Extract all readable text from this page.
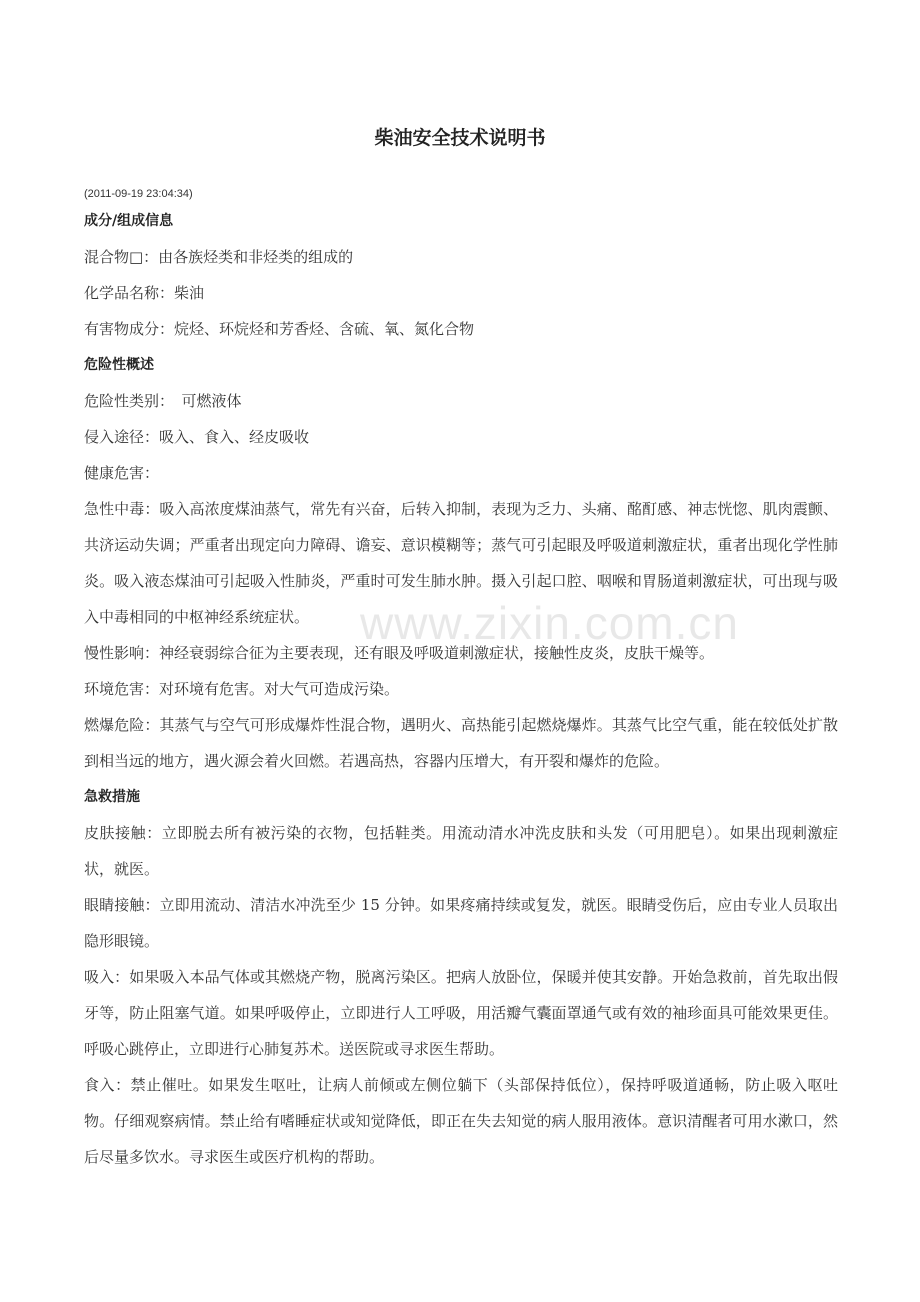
柴油安全技术说明书
(2011-09-19 23:04:34)
www.zixin.com.cn
成分/组成信息

混合物□：由各族烃类和非烃类的组成的

化学品名称：柴油

有害物成分：烷烃、环烷烃和芳香烃、含硫、氧、氮化合物

危险性概述

危险性类别：　可燃液体

侵入途径：吸入、食入、经皮吸收

健康危害：

急性中毒：吸入高浓度煤油蒸气，常先有兴奋，后转入抑制，表现为乏力、头痛、酩酊感、神志恍惚、肌肉震颤、共济运动失调；严重者出现定向力障碍、谵妄、意识模糊等；蒸气可引起眼及呼吸道刺激症状，重者出现化学性肺炎。吸入液态煤油可引起吸入性肺炎，严重时可发生肺水肿。摄入引起口腔、咽喉和胃肠道刺激症状，可出现与吸入中毒相同的中枢神经系统症状。

慢性影响：神经衰弱综合征为主要表现，还有眼及呼吸道刺激症状，接触性皮炎，皮肤干燥等。

环境危害：对环境有危害。对大气可造成污染。

燃爆危险：其蒸气与空气可形成爆炸性混合物，遇明火、高热能引起燃烧爆炸。其蒸气比空气重，能在较低处扩散到相当远的地方，遇火源会着火回燃。若遇高热，容器内压增大，有开裂和爆炸的危险。

急救措施

皮肤接触：立即脱去所有被污染的衣物，包括鞋类。用流动清水冲洗皮肤和头发（可用肥皂）。如果出现刺激症状，就医。

眼睛接触：立即用流动、清洁水冲洗至少 15 分钟。如果疼痛持续或复发，就医。眼睛受伤后，应由专业人员取出隐形眼镜。

吸入：如果吸入本品气体或其燃烧产物，脱离污染区。把病人放卧位，保暖并使其安静。开始急救前，首先取出假牙等，防止阻塞气道。如果呼吸停止，立即进行人工呼吸，用活瓣气囊面罩通气或有效的袖珍面具可能效果更佳。呼吸心跳停止，立即进行心肺复苏术。送医院或寻求医生帮助。

食入：禁止催吐。如果发生呕吐，让病人前倾或左侧位躺下（头部保持低位），保持呼吸道通畅，防止吸入呕吐物。仔细观察病情。禁止给有嗜睡症状或知觉降低，即正在失去知觉的病人服用液体。意识清醒者可用水漱口，然后尽量多饮水。寻求医生或医疗机构的帮助。
